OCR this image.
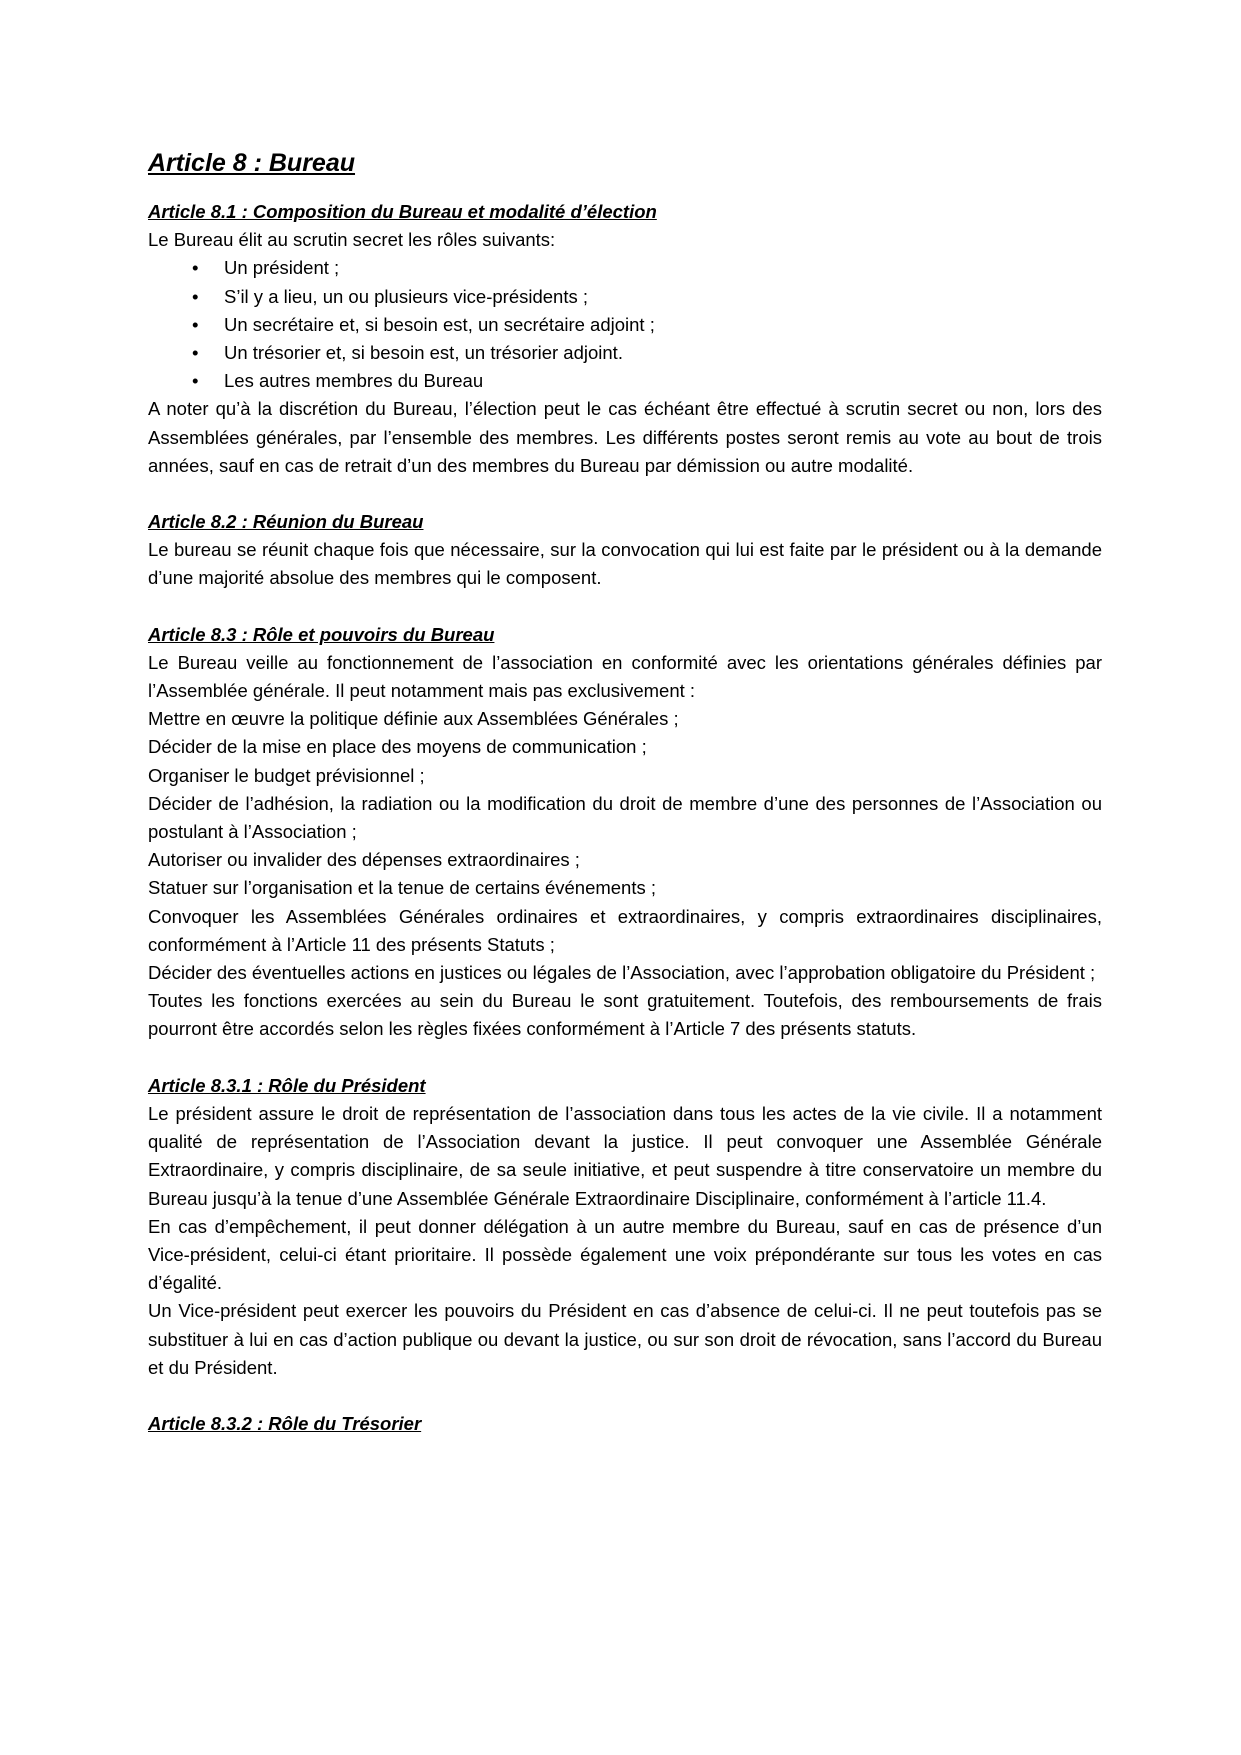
Article 8 : Bureau
Article 8.1 : Composition du Bureau et modalité d’élection

Le Bureau élit au scrutin secret les rôles suivants:

• Un président ;
• S’il y a lieu, un ou plusieurs vice-présidents ;
• Un secrétaire et, si besoin est, un secrétaire adjoint ;
• Un trésorier et, si besoin est, un trésorier adjoint.
• Les autres membres du Bureau

A noter qu’à la discrétion du Bureau, l’élection peut le cas échéant être effectué à scrutin secret ou non, lors des Assemblées générales, par l’ensemble des membres. Les différents postes seront remis au vote au bout de trois années, sauf en cas de retrait d’un des membres du Bureau par démission ou autre modalité.

Article 8.2 : Réunion du Bureau

Le bureau se réunit chaque fois que nécessaire, sur la convocation qui lui est faite par le président ou à la demande d’une majorité absolue des membres qui le composent.

Article 8.3 : Rôle et pouvoirs du Bureau

Le Bureau veille au fonctionnement de l’association en conformité avec les orientations générales définies par l’Assemblée générale. Il peut notamment mais pas exclusivement :

Mettre en œuvre la politique définie aux Assemblées Générales ;

Décider de la mise en place des moyens de communication ;

Organiser le budget prévisionnel ;

Décider de l’adhésion, la radiation ou la modification du droit de membre d’une des personnes de l’Association ou postulant à l’Association ;

Autoriser ou invalider des dépenses extraordinaires ;

Statuer sur l’organisation et la tenue de certains événements ;

Convoquer les Assemblées Générales ordinaires et extraordinaires, y compris extraordinaires disciplinaires, conformément à l’Article 11 des présents Statuts ;

Décider des éventuelles actions en justices ou légales de l’Association, avec l’approbation obligatoire du Président ;

Toutes les fonctions exercées au sein du Bureau le sont gratuitement. Toutefois, des remboursements de frais pourront être accordés selon les règles fixées conformément à l’Article 7 des présents statuts.

Article 8.3.1 : Rôle du Président

Le président assure le droit de représentation de l’association dans tous les actes de la vie civile. Il a notamment qualité de représentation de l’Association devant la justice. Il peut convoquer une Assemblée Générale Extraordinaire, y compris disciplinaire, de sa seule initiative, et peut suspendre à titre conservatoire un membre du Bureau jusqu’à la tenue d’une Assemblée Générale Extraordinaire Disciplinaire, conformément à l’article 11.4.

En cas d’empêchement, il peut donner délégation à un autre membre du Bureau, sauf en cas de présence d’un Vice-président, celui-ci étant prioritaire. Il possède également une voix prépondérante sur tous les votes en cas d’égalité.

Un Vice-président peut exercer les pouvoirs du Président en cas d’absence de celui-ci. Il ne peut toutefois pas se substituer à lui en cas d’action publique ou devant la justice, ou sur son droit de révocation, sans l’accord du Bureau et du Président.

Article 8.3.2 : Rôle du Trésorier
